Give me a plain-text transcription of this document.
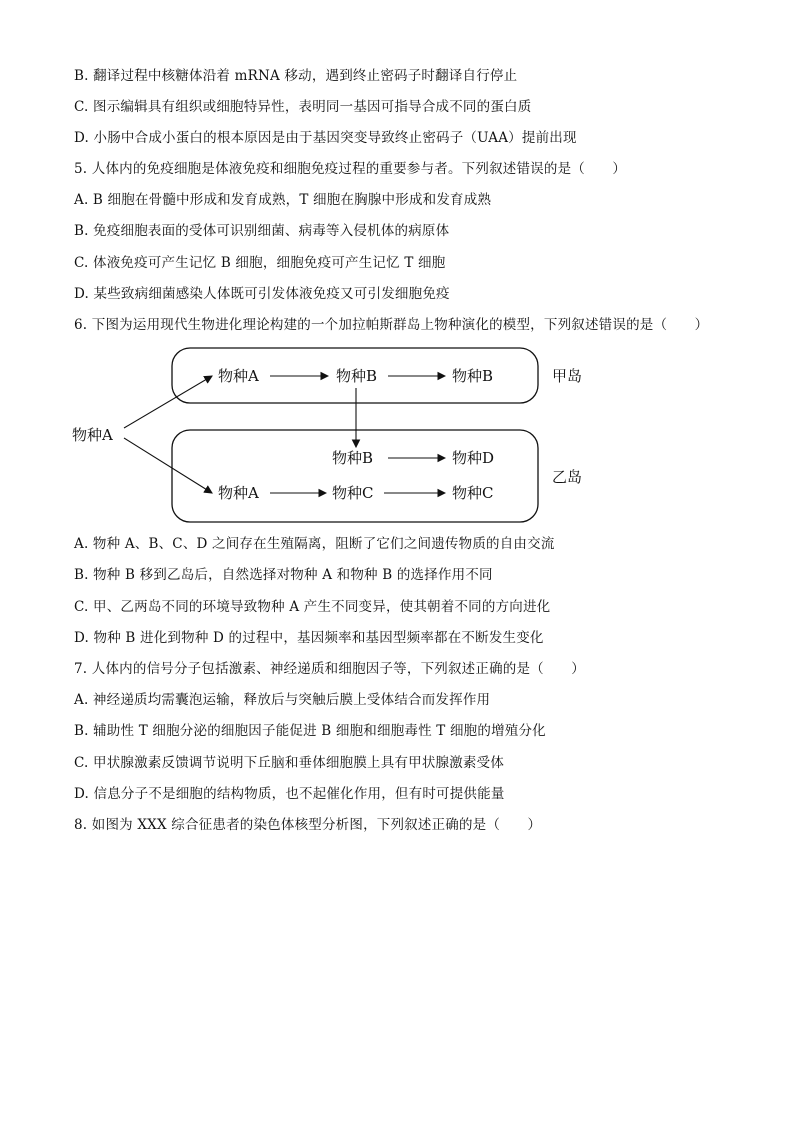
B. 翻译过程中核糖体沿着 mRNA 移动，遇到终止密码子时翻译自行停止
C. 图示编辑具有组织或细胞特异性，表明同一基因可指导合成不同的蛋白质
D. 小肠中合成小蛋白的根本原因是由于基因突变导致终止密码子（UAA）提前出现
5. 人体内的免疫细胞是体液免疫和细胞免疫过程的重要参与者。下列叙述错误的是（　　）
A. B 细胞在骨髓中形成和发育成熟，T 细胞在胸腺中形成和发育成熟
B. 免疫细胞表面的受体可识别细菌、病毒等入侵机体的病原体
C. 体液免疫可产生记忆 B 细胞，细胞免疫可产生记忆 T 细胞
D. 某些致病细菌感染人体既可引发体液免疫又可引发细胞免疫
6. 下图为运用现代生物进化理论构建的一个加拉帕斯群岛上物种演化的模型，下列叙述错误的是（　　）
物种A
物种A	物种B	物种B	甲岛
物种B	物种D
物种A	物种C	物种C
乙岛
A. 物种 A、B、C、D 之间存在生殖隔离，阻断了它们之间遗传物质的自由交流
B. 物种 B 移到乙岛后，自然选择对物种 A 和物种 B 的选择作用不同
C. 甲、乙两岛不同的环境导致物种 A 产生不同变异，使其朝着不同的方向进化
D. 物种 B 进化到物种 D 的过程中，基因频率和基因型频率都在不断发生变化
7. 人体内的信号分子包括激素、神经递质和细胞因子等，下列叙述正确的是（　　）
A. 神经递质均需囊泡运输，释放后与突触后膜上受体结合而发挥作用
B. 辅助性 T 细胞分泌的细胞因子能促进 B 细胞和细胞毒性 T 细胞的增殖分化
C. 甲状腺激素反馈调节说明下丘脑和垂体细胞膜上具有甲状腺激素受体
D. 信息分子不是细胞的结构物质，也不起催化作用，但有时可提供能量
8. 如图为 XXX 综合征患者的染色体核型分析图，下列叙述正确的是（　　）
